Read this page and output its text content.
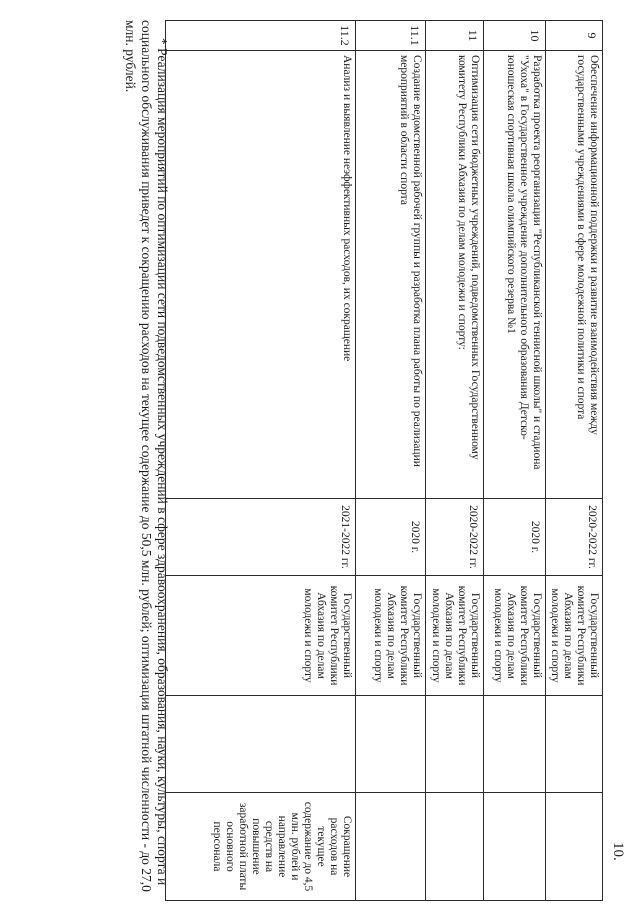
10.
9	Обеспечение информационной поддержки и развитие взаимодействия между государственными учреждениями в сфере молодежной политики и спорта	2020-2022 гг.	Государственный комитет Республики Абхазия по делам молодежи и спорту		
10	Разработка проекта реорганизации "Республиканской теннисной школы" и стадиона "Ухоха" в Государственное учреждение дополнительного образования Детско-юношеская спортивная школа олимпийского резерва №1	2020 г.	Государственный комитет Республики Абхазия по делам молодежи и спорту		
11	Оптимизация сети бюджетных учреждений, подведомственных Государственному комитету Республики Абхазия по делам молодежи и спорту:	2020-2022 гг.	Государственный комитет Республики Абхазия по делам молодежи и спорту		
11.1	Создание ведомственной рабочей группы и разработка плана работы по реализации мероприятий в области спорта	2020 г.	Государственный комитет Республики Абхазия по делам молодежи и спорту		
11.2	Анализ и выявление неэффективных расходов, их сокращение	2021-2022 гг.	Государственный комитет Республики Абхазия по делам молодежи и спорту		Сокращение расходов на текущее содержание до 4,5 млн. рублей и направление средств на повышение заработной платы основного персонала
* Реализация мероприятий по оптимизации сети подведомственных учреждений в сфере здравоохранения, образования, науки, культуры, спорта и социального обслуживания приведет к сокращению расходов на текущее содержание до 50,5 млн. рублей; оптимизация штатной численности - до 27,0 млн. рублей.
